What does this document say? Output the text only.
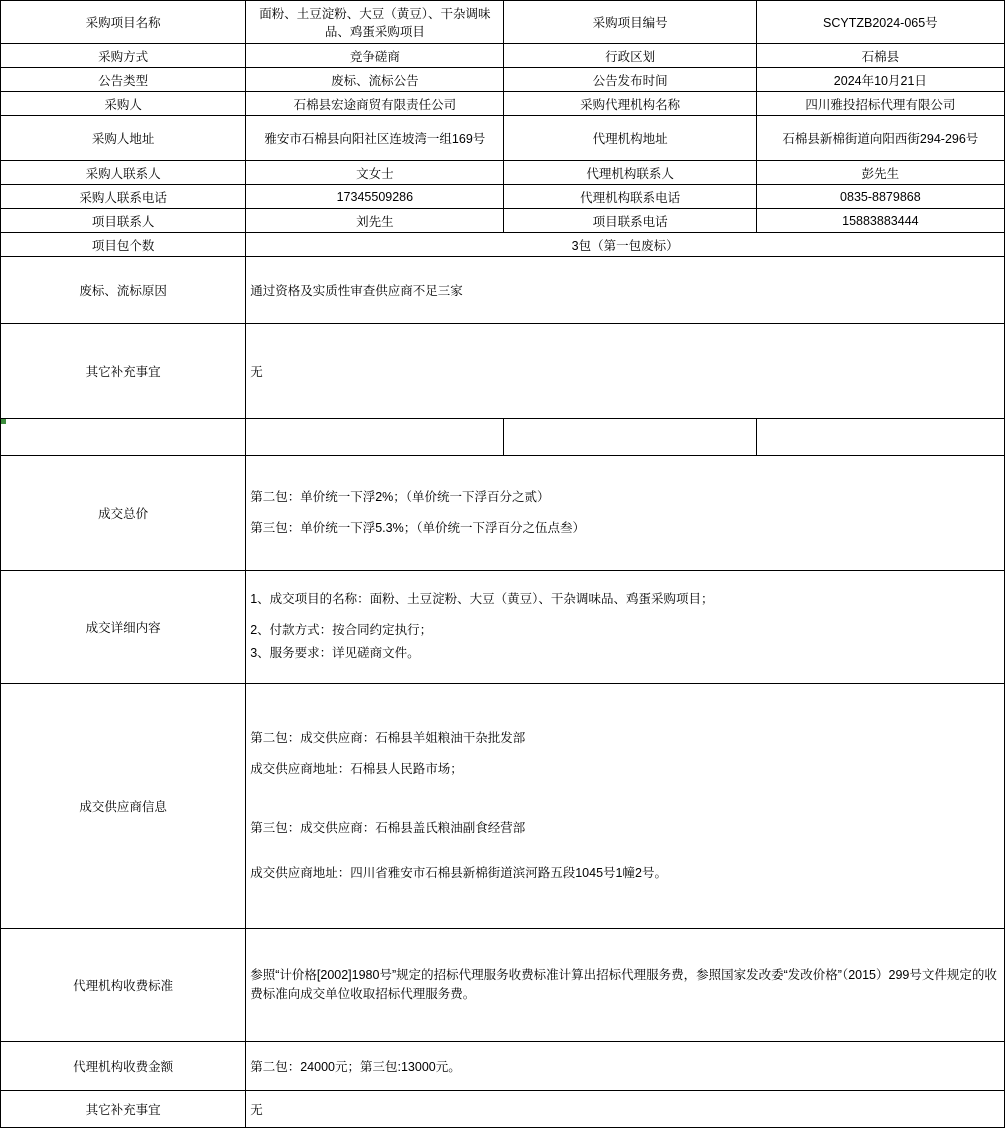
采购项目名称	面粉、土豆淀粉、大豆（黄豆）、干杂调味品、鸡蛋采购项目	采购项目编号	SCYTZB2024-065号
采购方式	竞争磋商	行政区划	石棉县
公告类型	废标、流标公告	公告发布时间	2024年10月21日
采购人	石棉县宏途商贸有限责任公司	采购代理机构名称	四川雅投招标代理有限公司
采购人地址	雅安市石棉县向阳社区连坡湾一组169号	代理机构地址	石棉县新棉街道向阳西街294-296号
采购人联系人	文女士	代理机构联系人	彭先生
采购人联系电话	17345509286	代理机构联系电话	0835-8879868
项目联系人	刘先生	项目联系电话	15883883444
项目包个数	3包（第一包废标）		
废标、流标原因	通过资格及实质性审查供应商不足三家		
其它补充事宜	无		

成交总价	第二包：单价统一下浮2%；（单价统一下浮百分之贰）

第三包：单价统一下浮5.3%；（单价统一下浮百分之伍点叁）		

成交详细内容	1、成交项目的名称：面粉、土豆淀粉、大豆（黄豆）、干杂调味品、鸡蛋采购项目；

2、付款方式：按合同约定执行；

3、服务要求：详见磋商文件。		

成交供应商信息	第二包：成交供应商：石棉县羊姐粮油干杂批发部

成交供应商地址：石棉县人民路市场；

第三包：成交供应商：石棉县盖氏粮油副食经营部

成交供应商地址：四川省雅安市石棉县新棉街道滨河路五段1045号1幢2号。		

代理机构收费标准	参照“计价格[2002]1980号”规定的招标代理服务收费标准计算出招标代理服务费，参照国家发改委“发改价格”（2015）299号文件规定的收费标准向成交单位收取招标代理服务费。		
代理机构收费金额	第二包：24000元；第三包:13000元。		
其它补充事宜	无		
